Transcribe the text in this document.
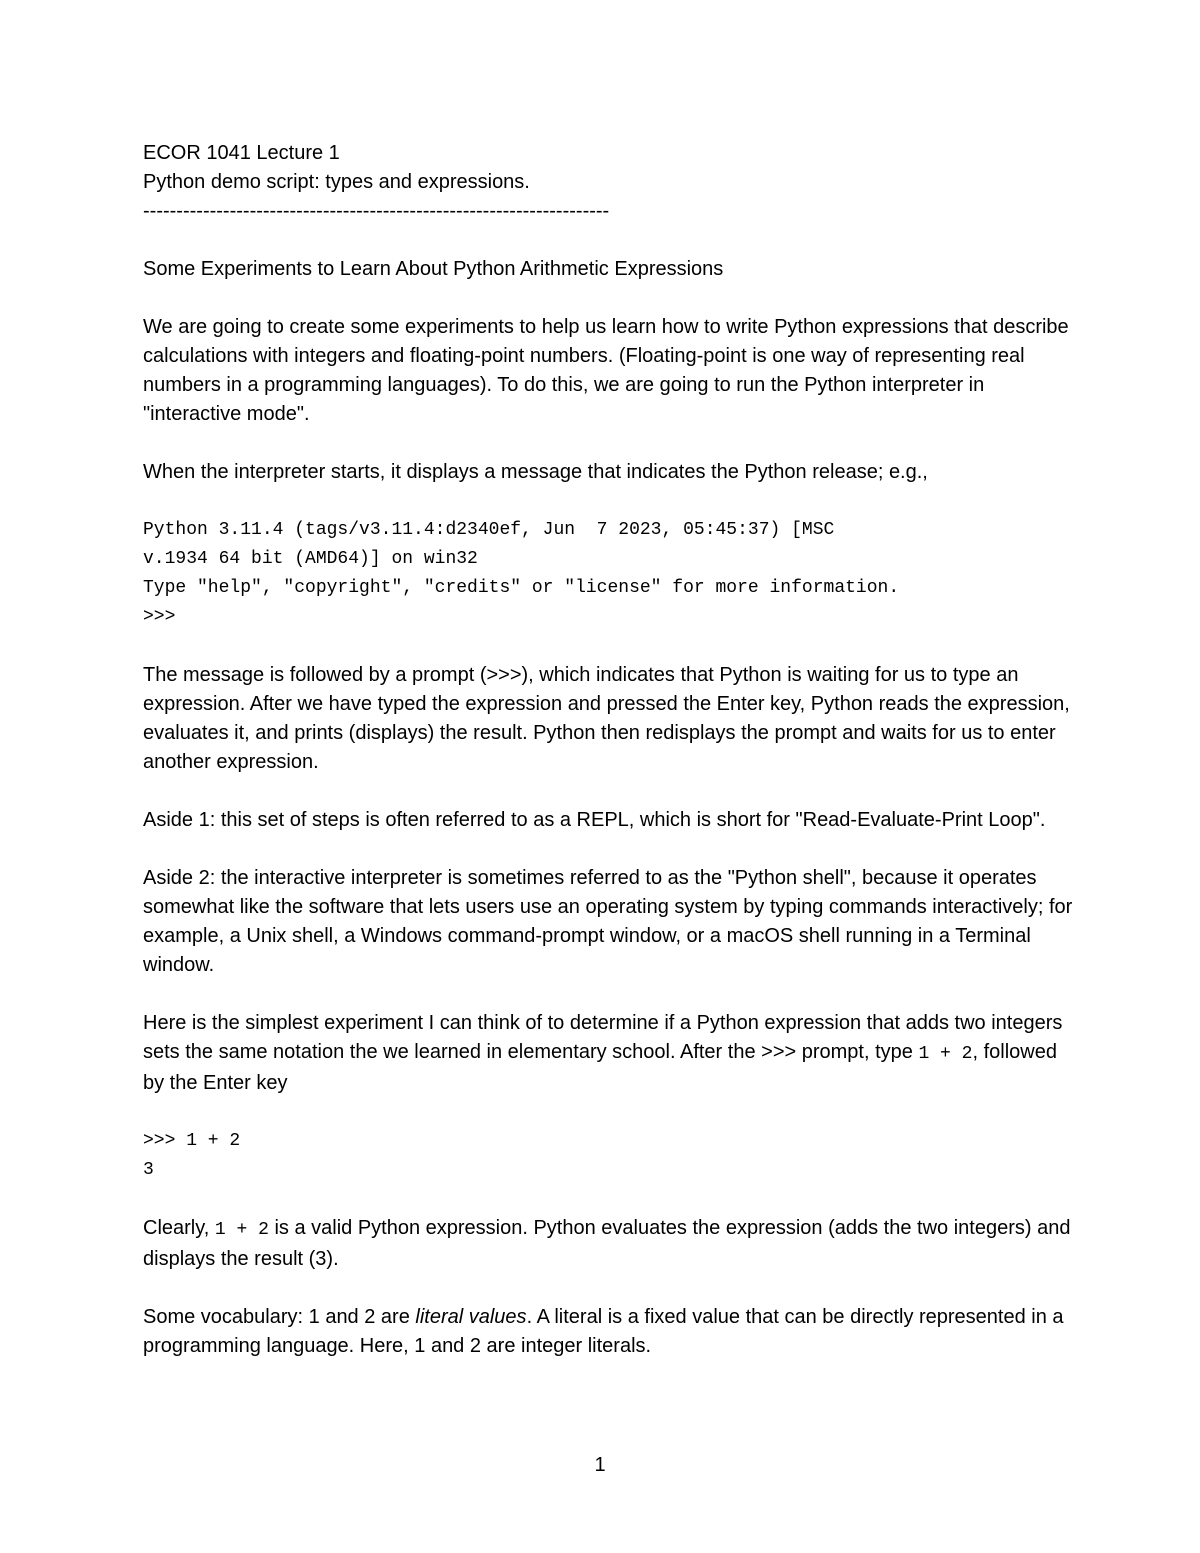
ECOR 1041 Lecture 1

Python demo script: types and expressions.

----------------------------------------------------------------------

Some Experiments to Learn About Python Arithmetic Expressions

We are going to create some experiments to help us learn how to write Python expressions that describe calculations with integers and floating-point numbers. (Floating-point is one way of representing real numbers in a programming languages). To do this, we are going to run the Python interpreter in "interactive mode".

When the interpreter starts, it displays a message that indicates the Python release; e.g.,

Python 3.11.4 (tags/v3.11.4:d2340ef, Jun  7 2023, 05:45:37) [MSC
v.1934 64 bit (AMD64)] on win32
Type "help", "copyright", "credits" or "license" for more information.
>>>

The message is followed by a prompt (>>>), which indicates that Python is waiting for us to type an expression. After we have typed the expression and pressed the Enter key, Python reads the expression, evaluates it, and prints (displays) the result. Python then redisplays the prompt and waits for us to enter another expression.

Aside 1: this set of steps is often referred to as a REPL, which is short for "Read-Evaluate-Print Loop".

Aside 2: the interactive interpreter is sometimes referred to as the "Python shell", because it operates somewhat like the software that lets users use an operating system by typing commands interactively; for example, a Unix shell, a Windows command-prompt window, or a macOS shell running in a Terminal window.

Here is the simplest experiment I can think of to determine if a Python expression that adds two integers sets the same notation the we learned in elementary school. After the >>> prompt, type 1 + 2, followed by the Enter key

>>> 1 + 2
3

Clearly, 1 + 2 is a valid Python expression. Python evaluates the expression (adds the two integers) and displays the result (3).

Some vocabulary: 1 and 2 are literal values. A literal is a fixed value that can be directly represented in a programming language. Here, 1 and 2 are integer literals.

1
